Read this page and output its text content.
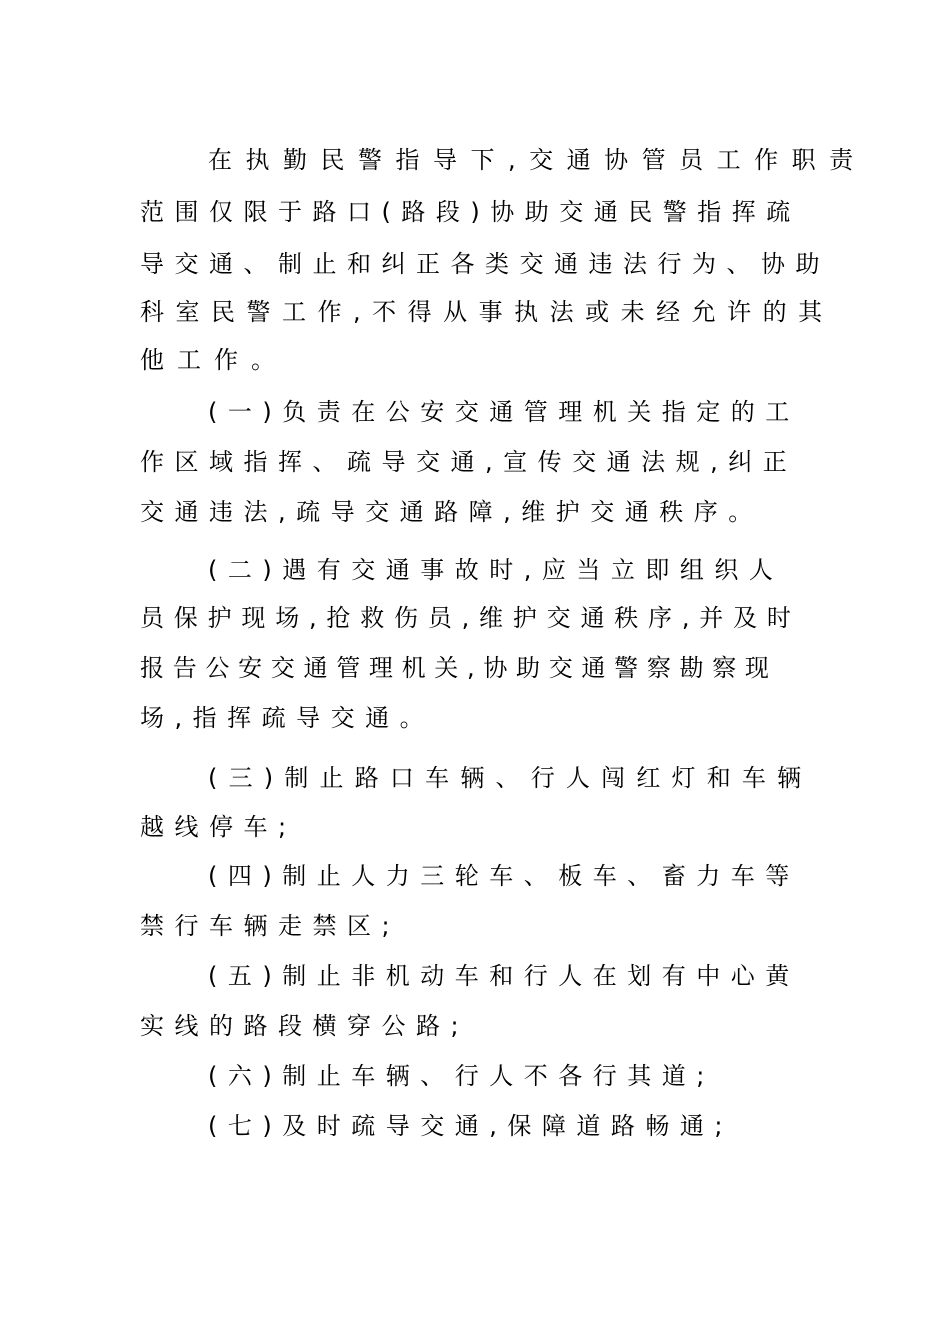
在执勤民警指导下,交通协管员工作职责
范围仅限于路口(路段)协助交通民警指挥疏
导交通、制止和纠正各类交通违法行为、协助
科室民警工作,不得从事执法或未经允许的其
他工作。
(一)负责在公安交通管理机关指定的工
作区域指挥、疏导交通,宣传交通法规,纠正
交通违法,疏导交通路障,维护交通秩序。
(二)遇有交通事故时,应当立即组织人
员保护现场,抢救伤员,维护交通秩序,并及时
报告公安交通管理机关,协助交通警察勘察现
场,指挥疏导交通。
(三)制止路口车辆、行人闯红灯和车辆
越线停车;
(四)制止人力三轮车、板车、畜力车等
禁行车辆走禁区;
(五)制止非机动车和行人在划有中心黄
实线的路段横穿公路;
(六)制止车辆、行人不各行其道;
(七)及时疏导交通,保障道路畅通;
